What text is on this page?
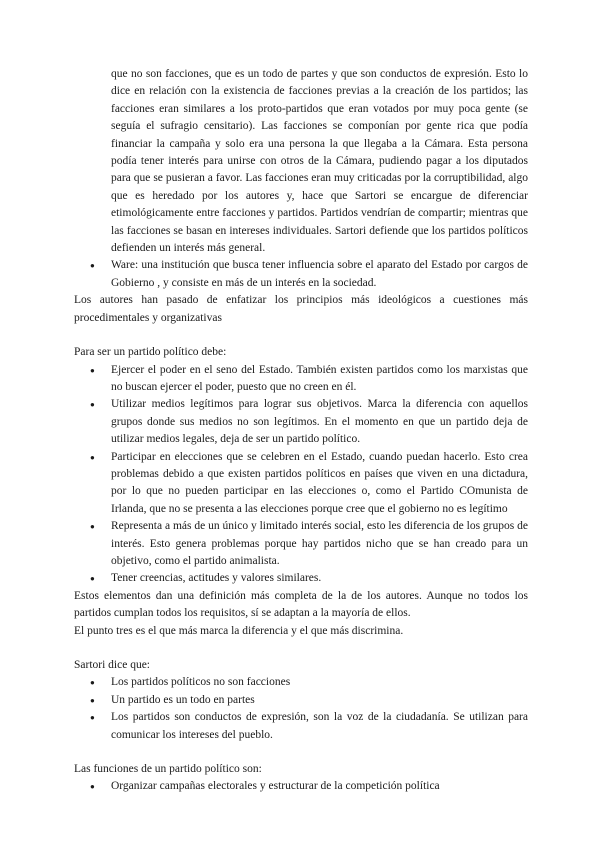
que no son facciones, que es un todo de partes y que son conductos de expresión. Esto lo dice en relación con la existencia de facciones previas a la creación de los partidos; las facciones eran similares a los proto-partidos que eran votados por muy poca gente (se seguía el sufragio censitario). Las facciones se componían por gente rica que podía financiar la campaña y solo era una persona la que llegaba a la Cámara. Esta persona podía tener interés para unirse con otros de la Cámara, pudiendo pagar a los diputados para que se pusieran a favor. Las facciones eran muy criticadas por la corruptibilidad, algo que es heredado por los autores y, hace que Sartori se encargue de diferenciar etimológicamente entre facciones y partidos. Partidos vendrían de compartir; mientras que las facciones se basan en intereses individuales. Sartori defiende que los partidos políticos defienden un interés más general.

● Ware: una institución que busca tener influencia sobre el aparato del Estado por cargos de Gobierno , y consiste en más de un interés en la sociedad.

Los autores han pasado de enfatizar los principios más ideológicos a cuestiones más procedimentales y organizativas

Para ser un partido político debe:

● Ejercer el poder en el seno del Estado. También existen partidos como los marxistas que no buscan ejercer el poder, puesto que no creen en él.
● Utilizar medios legítimos para lograr sus objetivos. Marca la diferencia con aquellos grupos donde sus medios no son legítimos. En el momento en que un partido deja de utilizar medios legales, deja de ser un partido político.
● Participar en elecciones que se celebren en el Estado, cuando puedan hacerlo. Esto crea problemas debido a que existen partidos políticos en países que viven en una dictadura, por lo que no pueden participar en las elecciones o, como el Partido COmunista de Irlanda, que no se presenta a las elecciones porque cree que el gobierno no es legítimo
● Representa a más de un único y limitado interés social, esto les diferencia de los grupos de interés. Esto genera problemas porque hay partidos nicho que se han creado para un objetivo, como el partido animalista.
● Tener creencias, actitudes y valores similares.

Estos elementos dan una definición más completa de la de los autores. Aunque no todos los partidos cumplan todos los requisitos, sí se adaptan a la mayoría de ellos.

El punto tres es el que más marca la diferencia y el que más discrimina.

Sartori dice que:

● Los partidos políticos no son facciones
● Un partido es un todo en partes
● Los partidos son conductos de expresión, son la voz de la ciudadanía. Se utilizan para comunicar los intereses del pueblo.

Las funciones de un partido político son:

● Organizar campañas electorales y estructurar de la competición política
